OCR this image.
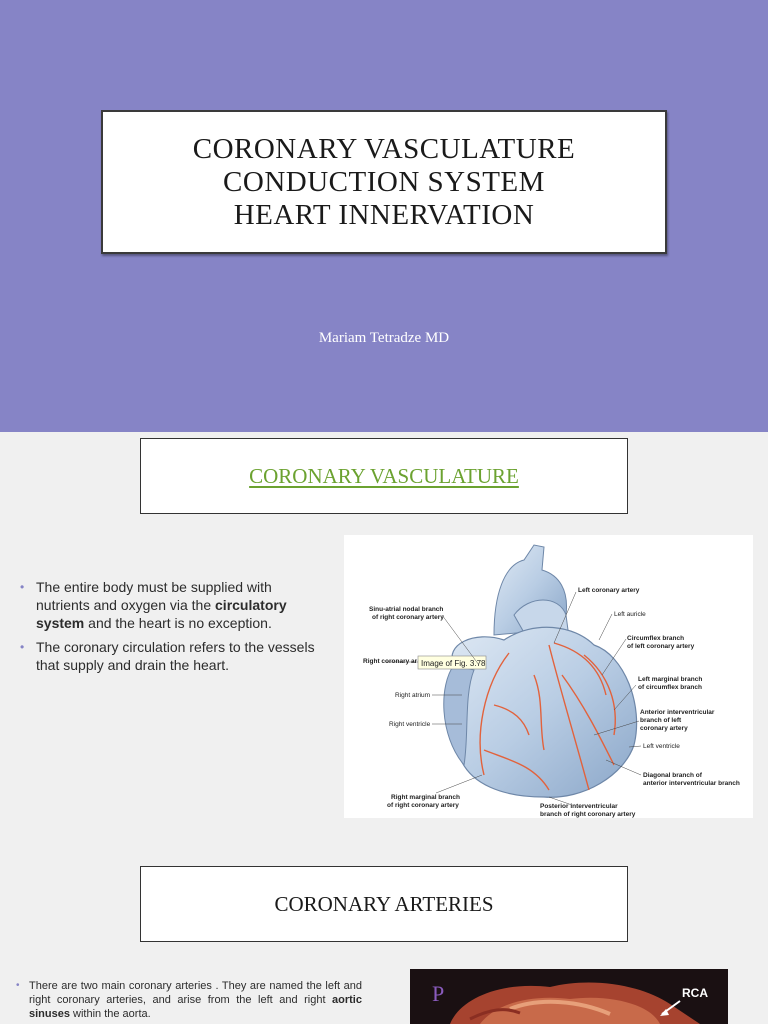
CORONARY VASCULATURE
CONDUCTION SYSTEM
HEART INNERVATION
Mariam Tetradze MD
CORONARY VASCULATURE
• The entire body must be supplied with nutrients and oxygen via the circulatory system and the heart is no exception.
• The coronary circulation refers to the vessels that supply and drain the heart.	Image of Fig. 3.78
Sinu-atrial nodal branch
of right coronary artery
Right coronary ar
Right atrium
Right ventricle
Right marginal branch
of right coronary artery	Posterior interventricular
branch of right coronary artery
Left coronary artery
Left auricle
Circumflex branch
of left coronary artery
Left marginal branch
of circumflex branch
Anterior interventricular
branch of left
coronary artery
Left ventricle
Diagonal branch of
anterior interventricular branch
CORONARY ARTERIES
• There are two main coronary arteries . They are named the left and right coronary arteries, and arise from the left and right aortic sinuses within the aorta.
P	RCA
